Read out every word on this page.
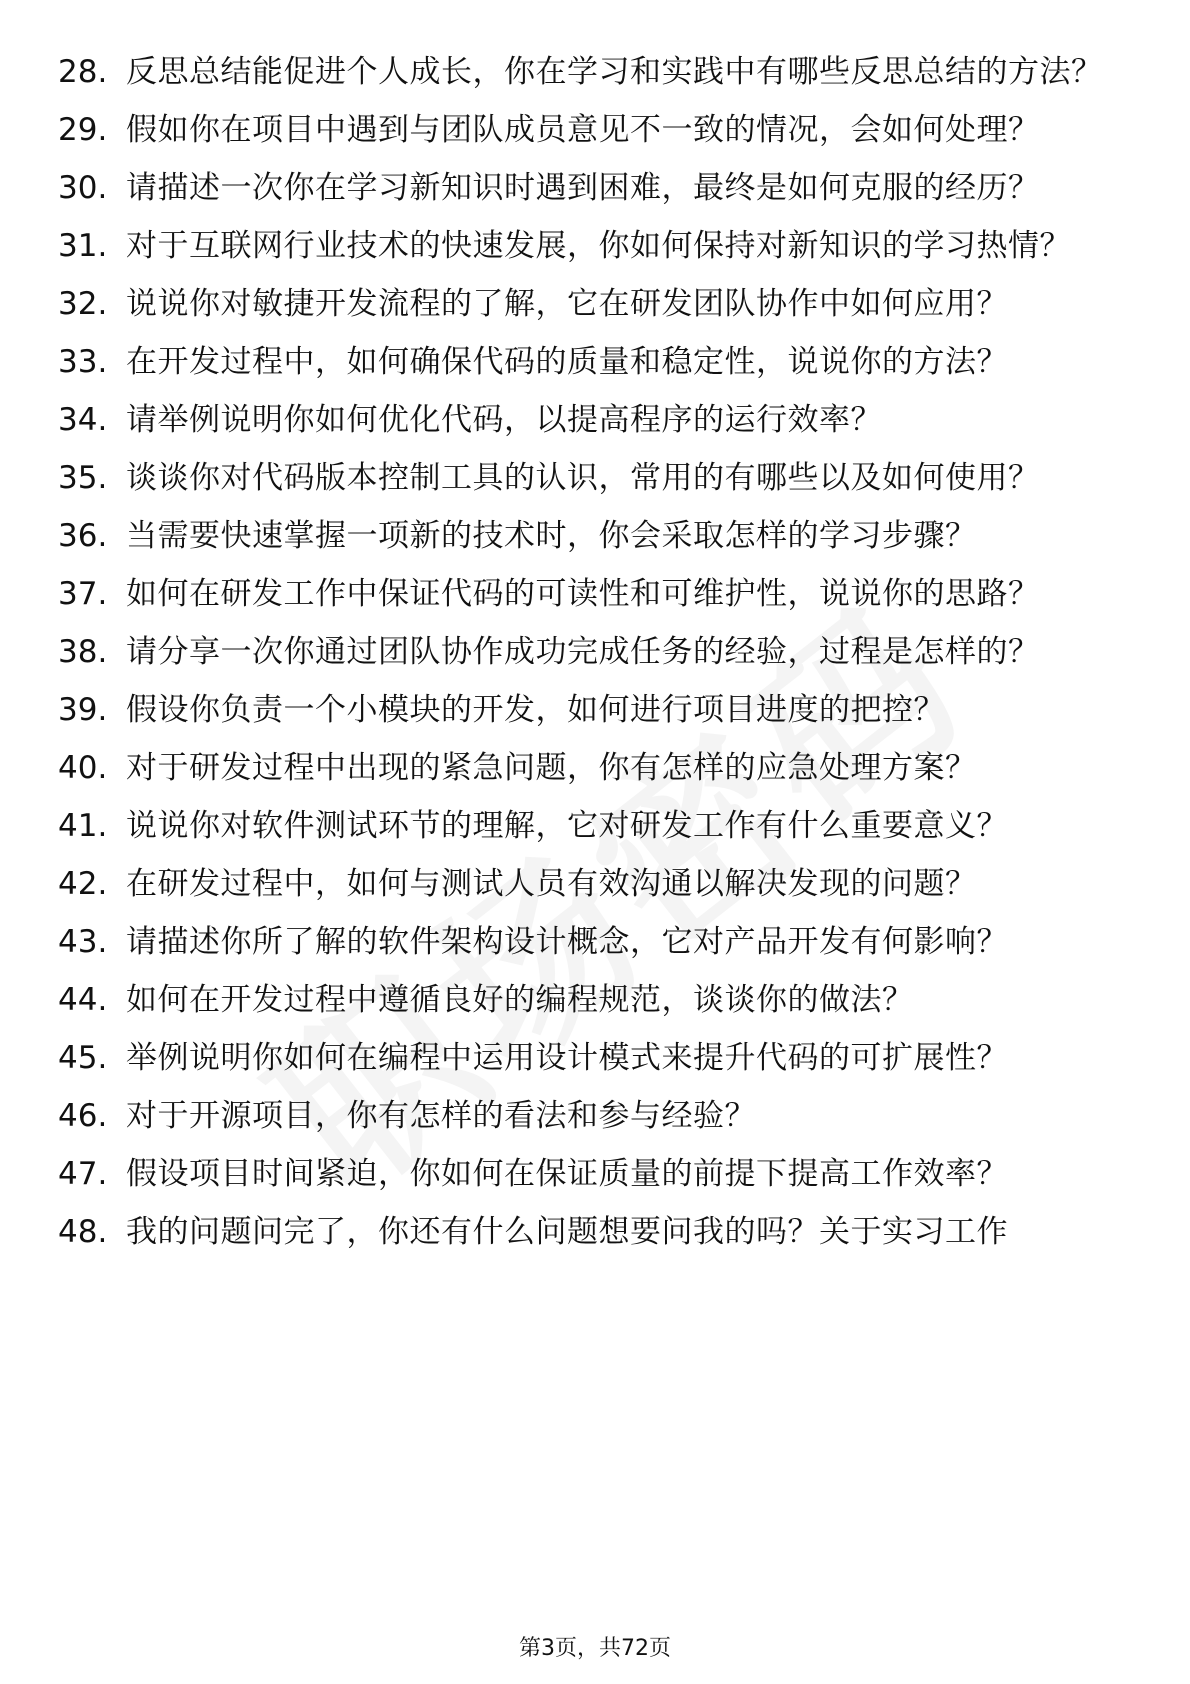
28. 反思总结能促进个人成长，你在学习和实践中有哪些反思总结的方法？
29. 假如你在项目中遇到与团队成员意见不一致的情况，会如何处理？
30. 请描述一次你在学习新知识时遇到困难，最终是如何克服的经历？
31. 对于互联网行业技术的快速发展，你如何保持对新知识的学习热情？
32. 说说你对敏捷开发流程的了解，它在研发团队协作中如何应用？
33. 在开发过程中，如何确保代码的质量和稳定性，说说你的方法？
34. 请举例说明你如何优化代码，以提高程序的运行效率？
35. 谈谈你对代码版本控制工具的认识，常用的有哪些以及如何使用？
36. 当需要快速掌握一项新的技术时，你会采取怎样的学习步骤？
37. 如何在研发工作中保证代码的可读性和可维护性，说说你的思路？
38. 请分享一次你通过团队协作成功完成任务的经验，过程是怎样的？
39. 假设你负责一个小模块的开发，如何进行项目进度的把控？
40. 对于研发过程中出现的紧急问题，你有怎样的应急处理方案？
41. 说说你对软件测试环节的理解，它对研发工作有什么重要意义？
42. 在研发过程中，如何与测试人员有效沟通以解决发现的问题？
43. 请描述你所了解的软件架构设计概念，它对产品开发有何影响？
44. 如何在开发过程中遵循良好的编程规范，谈谈你的做法？
45. 举例说明你如何在编程中运用设计模式来提升代码的可扩展性？
46. 对于开源项目，你有怎样的看法和参与经验？
47. 假设项目时间紧迫，你如何在保证质量的前提下提高工作效率？
48. 我的问题问完了，你还有什么问题想要问我的吗？关于实习工作
第3页，共72页
